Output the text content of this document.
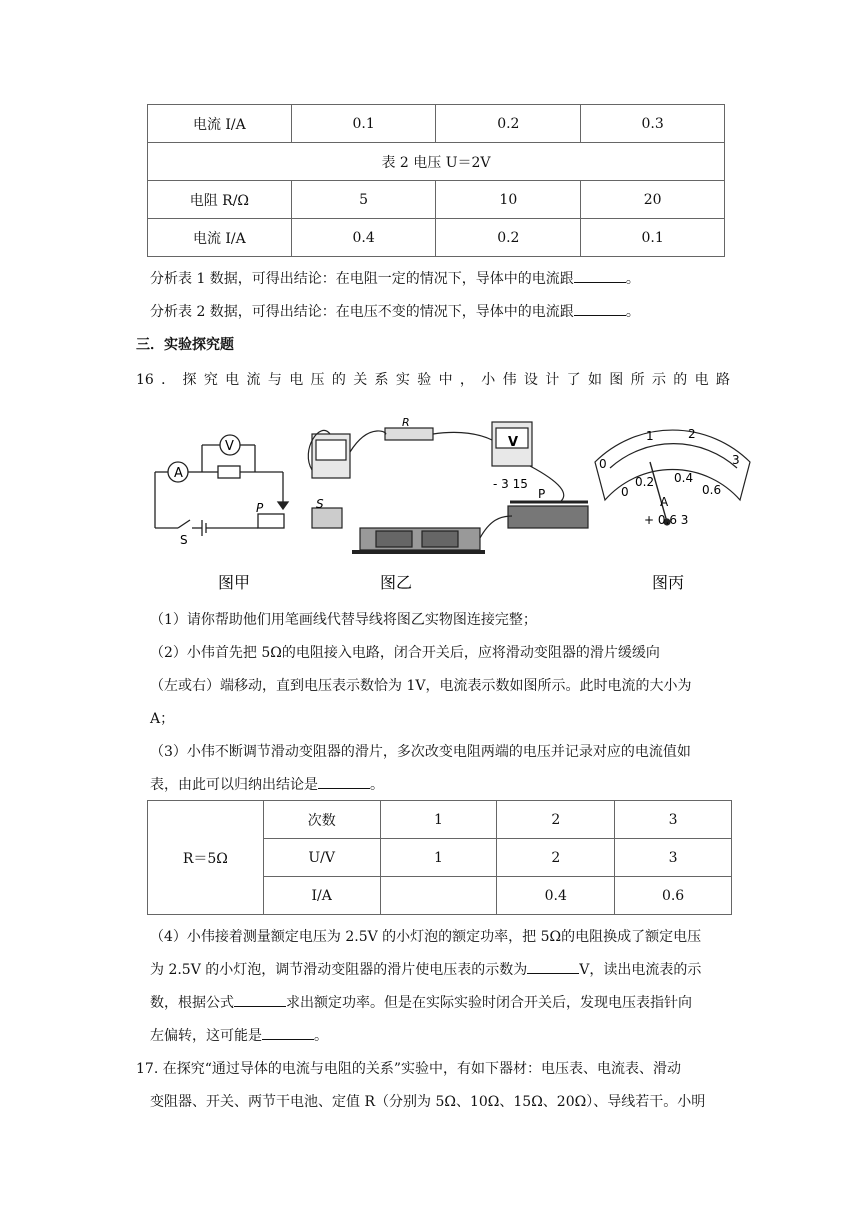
电流 I/A	0.1	0.2	0.3
表 2 电压 U＝2V			
电阻 R/Ω	5	10	20
电流 I/A	0.4	0.2	0.1
分析表 1 数据，可得出结论：在电阻一定的情况下，导体中的电流跟	。
分析表 2 数据，可得出结论：在电压不变的情况下，导体中的电流跟	。
三．实验探究题
16．探究电流与电压的关系实验中，小伟设计了如图所示的电路
A
V
S
P
- 3 15
S
P
R
V
0
1	2
3
0
0.2 0.4
0.6
A
+ 0.6 3
图甲	图乙	图丙
（1）请你帮助他们用笔画线代替导线将图乙实物图连接完整；
（2）小伟首先把 5Ω的电阻接入电路，闭合开关后，应将滑动变阻器的滑片缓缓向
（左或右）端移动，直到电压表示数恰为 1V，电流表示数如图所示。此时电流的大小为
A；
（3）小伟不断调节滑动变阻器的滑片，多次改变电阻两端的电压并记录对应的电流值如
表，由此可以归纳出结论是	。
R＝5Ω	次数	1	2	3
	U/V	1	2	3
	I/A		0.4	0.6
（4）小伟接着测量额定电压为 2.5V 的小灯泡的额定功率，把 5Ω的电阻换成了额定电压
为 2.5V 的小灯泡，调节滑动变阻器的滑片使电压表的示数为	V，读出电流表的示
数，根据公式	求出额定功率。但是在实际实验时闭合开关后，发现电压表指针向
左偏转，这可能是	。
17. 在探究“通过导体的电流与电阻的关系”实验中，有如下器材：电压表、电流表、滑动
变阻器、开关、两节干电池、定值 R（分别为 5Ω、10Ω、15Ω、20Ω）、导线若干。小明
